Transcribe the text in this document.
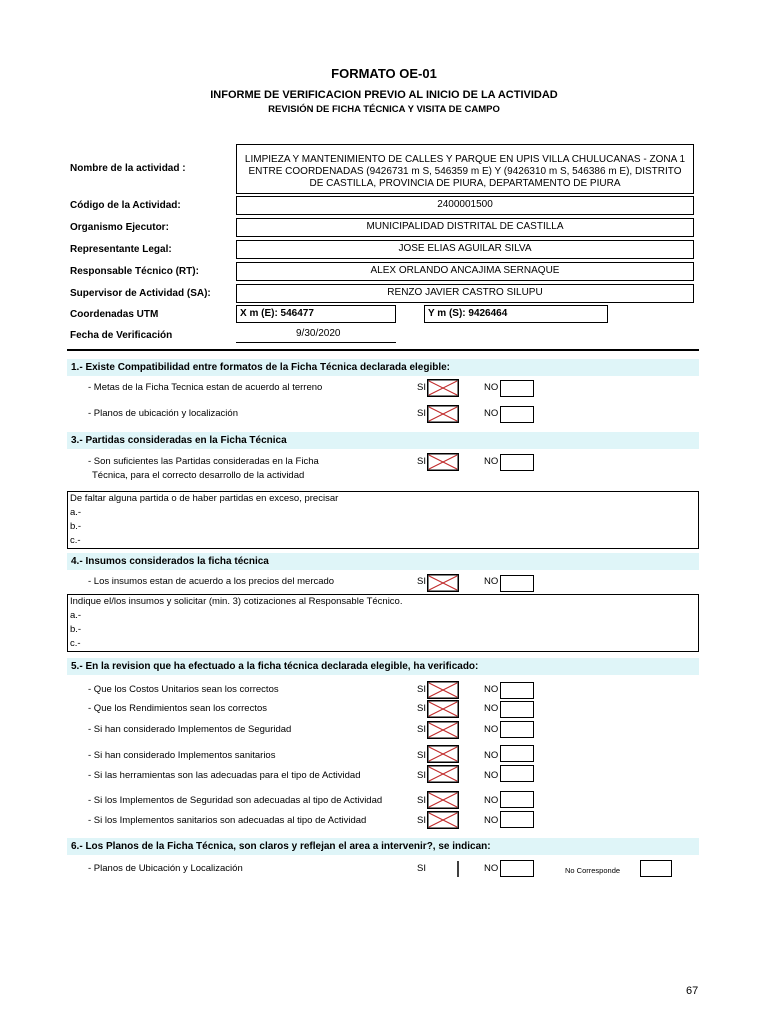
FORMATO OE-01
INFORME DE VERIFICACION PREVIO AL INICIO DE LA ACTIVIDAD
REVISIÓN DE FICHA TÉCNICA Y VISITA DE CAMPO
Nombre de la actividad :
LIMPIEZA Y MANTENIMIENTO DE CALLES Y PARQUE EN UPIS VILLA CHULUCANAS - ZONA 1 ENTRE COORDENADAS (9426731 m S, 546359 m E) Y (9426310 m S, 546386 m E), DISTRITO DE CASTILLA, PROVINCIA DE PIURA, DEPARTAMENTO DE PIURA
Código de la Actividad:	2400001500
Organismo Ejecutor:	MUNICIPALIDAD DISTRITAL DE CASTILLA
Representante Legal:	JOSE ELIAS AGUILAR SILVA
Responsable Técnico (RT):	ALEX ORLANDO ANCAJIMA SERNAQUE
Supervisor de Actividad (SA):	RENZO JAVIER CASTRO SILUPU
Coordenadas UTM	X m (E): 546477	Y m (S): 9426464
Fecha de Verificación	9/30/2020
1.- Existe Compatibilidad entre formatos de la Ficha Técnica declarada elegible:
- Metas de la Ficha Tecnica estan de acuerdo al terreno	SI	NO
- Planos de ubicación y localización	SI	NO
3.- Partidas consideradas en la Ficha Técnica
- Son suficientes las Partidas consideradas en la Ficha
Técnica, para el correcto desarrollo de la actividad
SI	NO
De faltar alguna partida o de haber partidas en exceso, precisar
a.-
b.-
c.-
4.- Insumos considerados la ficha técnica
- Los insumos estan de acuerdo a los precios del mercado	SI	NO
Indique el/los insumos y solicitar (min. 3) cotizaciones al Responsable Técnico.
a.-
b.-
c.-
5.- En la revision que ha efectuado a la ficha técnica declarada elegible, ha verificado:
- Que los Costos Unitarios sean los correctos	SI	NO
- Que los Rendimientos sean los correctos	SI	NO
- Si han considerado Implementos de Seguridad	SI	NO
- Si han considerado Implementos sanitarios	SI	NO
- Si las herramientas son las adecuadas para el tipo de Actividad	SI	NO
- Si los Implementos de Seguridad son adecuadas al tipo de Actividad	SI	NO
- Si los Implementos sanitarios son adecuadas al tipo de Actividad	SI	NO
6.- Los Planos de la Ficha Técnica, son claros y reflejan el area a intervenir?, se indican:
- Planos de Ubicación y Localización	SI	NO	No Corresponde
67
